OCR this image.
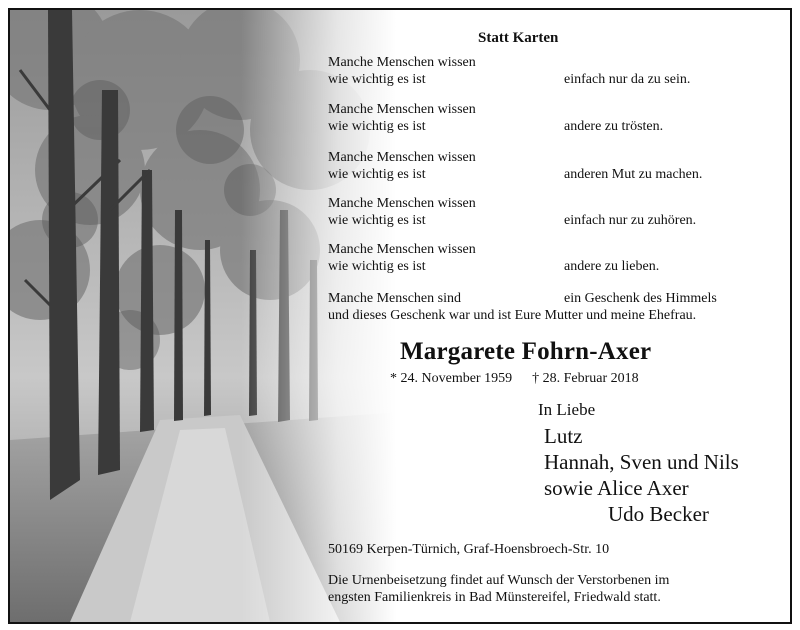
Statt Karten
Manche Menschen wissen
wie wichtig es ist	einfach nur da zu sein.
Manche Menschen wissen
wie wichtig es ist	andere zu trösten.
Manche Menschen wissen
wie wichtig es ist	anderen Mut zu machen.
Manche Menschen wissen
wie wichtig es ist	einfach nur zu zuhören.
Manche Menschen wissen
wie wichtig es ist	andere zu lieben.
Manche Menschen sind	ein Geschenk des Himmels
und dieses Geschenk war und ist Eure Mutter und meine Ehefrau.
Margarete Fohrn-Axer
* 24. November 1959 † 28. Februar 2018
In Liebe
Lutz
Hannah, Sven und Nils
sowie Alice Axer
Udo Becker
50169 Kerpen-Türnich, Graf-Hoensbroech-Str. 10
Die Urnenbeisetzung findet auf Wunsch der Verstorbenen im
engsten Familienkreis in Bad Münstereifel, Friedwald statt.
